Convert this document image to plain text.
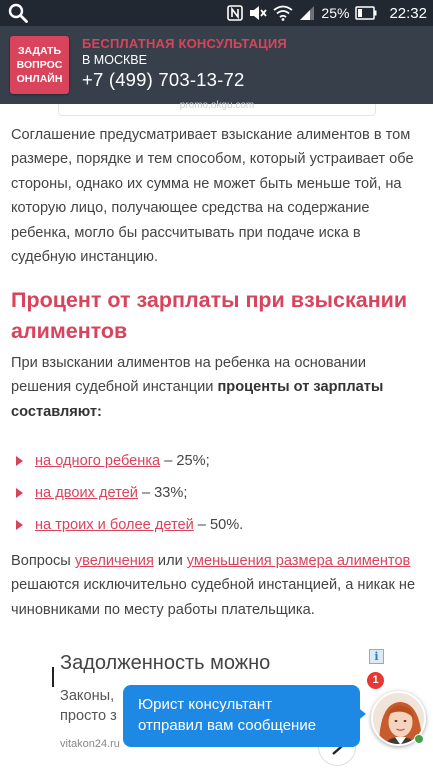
25%	22:32
ЗАДАТЬ
ВОПРОС
ОНЛАЙН
БЕСПЛАТНАЯ КОНСУЛЬТАЦИЯ
В МОСКВЕ
+7 (499) 703-13-72
promo.okgu.com
Соглашение предусматривает взыскание алиментов в том размере, порядке и тем способом, который устраивает обе стороны, однако их сумма не может быть меньше той, на которую лицо, получающее средства на содержание ребенка, могло бы рассчитывать при подаче иска в судебную инстанцию.
Процент от зарплаты при взыскании алиментов
При взыскании алиментов на ребенка на основании решения судебной инстанции проценты от зарплаты составляют:
на одного ребенка – 25%;
на двоих детей – 33%;
на троих и более детей – 50%.
Вопросы увеличения или уменьшения размера алиментов решаются исключительно судебной инстанцией, а никак не чиновниками по месту работы плательщика.
i
Задолженность можно
Законы,
просто з
vitakon24.ru
Юрист консультант
отправил вам сообщение
1
